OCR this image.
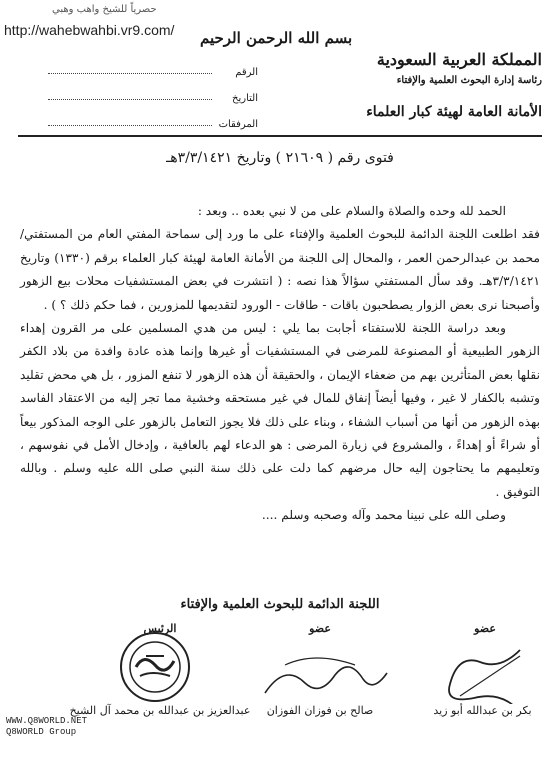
حصرياً للشيخ واهب وهبي
http://wahebwahbi.vr9.com/ بسم الله الرحمن الرحيم
المملكة العربية السعودية
رئاسة إدارة البحوث العلمية والإفتاء
الأمانة العامة لهيئة كبار العلماء
الرقم
التاريخ
المرفقات
فتوى رقم ( ٢١٦٠٩ ) وتاريخ ٣/٣/١٤٢١هـ

الحمد لله وحده والصلاة والسلام على من لا نبي بعده .. وبعد :

فقد اطلعت اللجنة الدائمة للبحوث العلمية والإفتاء على ما ورد إلى سماحة المفتي العام من المستفتي/محمد بن عبدالرحمن العمر ، والمحال إلى اللجنة من الأمانة العامة لهيئة كبار العلماء برقم (١٣٣٠) وتاريخ ٣/٣/١٤٢١هـ. وقد سأل المستفتي سؤالاً هذا نصه : ( انتشرت في بعض المستشفيات محلات بيع الزهور وأصبحنا نرى بعض الزوار يصطحبون باقات - طاقات - الورود لتقديمها للمزورين ، فما حكم ذلك ؟ ) .

وبعد دراسة اللجنة للاستفتاء أجابت بما يلي : ليس من هدي المسلمين على مر القرون إهداء الزهور الطبيعية أو المصنوعة للمرضى في المستشفيات أو غيرها وإنما هذه عادة وافدة من بلاد الكفر نقلها بعض المتأثرين بهم من ضعفاء الإيمان ، والحقيقة أن هذه الزهور لا تنفع المزور ، بل هي محض تقليد وتشبه بالكفار لا غير ، وفيها أيضاً إنفاق للمال في غير مستحقه وخشية مما تجر إليه من الاعتقاد الفاسد بهذه الزهور من أنها من أسباب الشفاء ، وبناء على ذلك فلا يجوز التعامل بالزهور على الوجه المذكور بيعاً أو شراءً أو إهداءً ، والمشروع في زيارة المرضى : هو الدعاء لهم بالعافية ، وإدخال الأمل في نفوسهم ، وتعليمهم ما يحتاجون إليه حال مرضهم كما دلت على ذلك سنة النبي صلى الله عليه وسلم . وبالله التوفيق .

وصلى الله على نبينا محمد وآله وصحبه وسلم ....

اللجنة الدائمة للبحوث العلمية والإفتاء
الرئيس
عبدالعزيز بن عبدالله بن محمد آل الشيخ
عضو
صالح بن فوزان الفوزان
عضو
بكر بن عبدالله أبو زيد
WWW.Q8WORLD.NET
Q8WORLD Group
